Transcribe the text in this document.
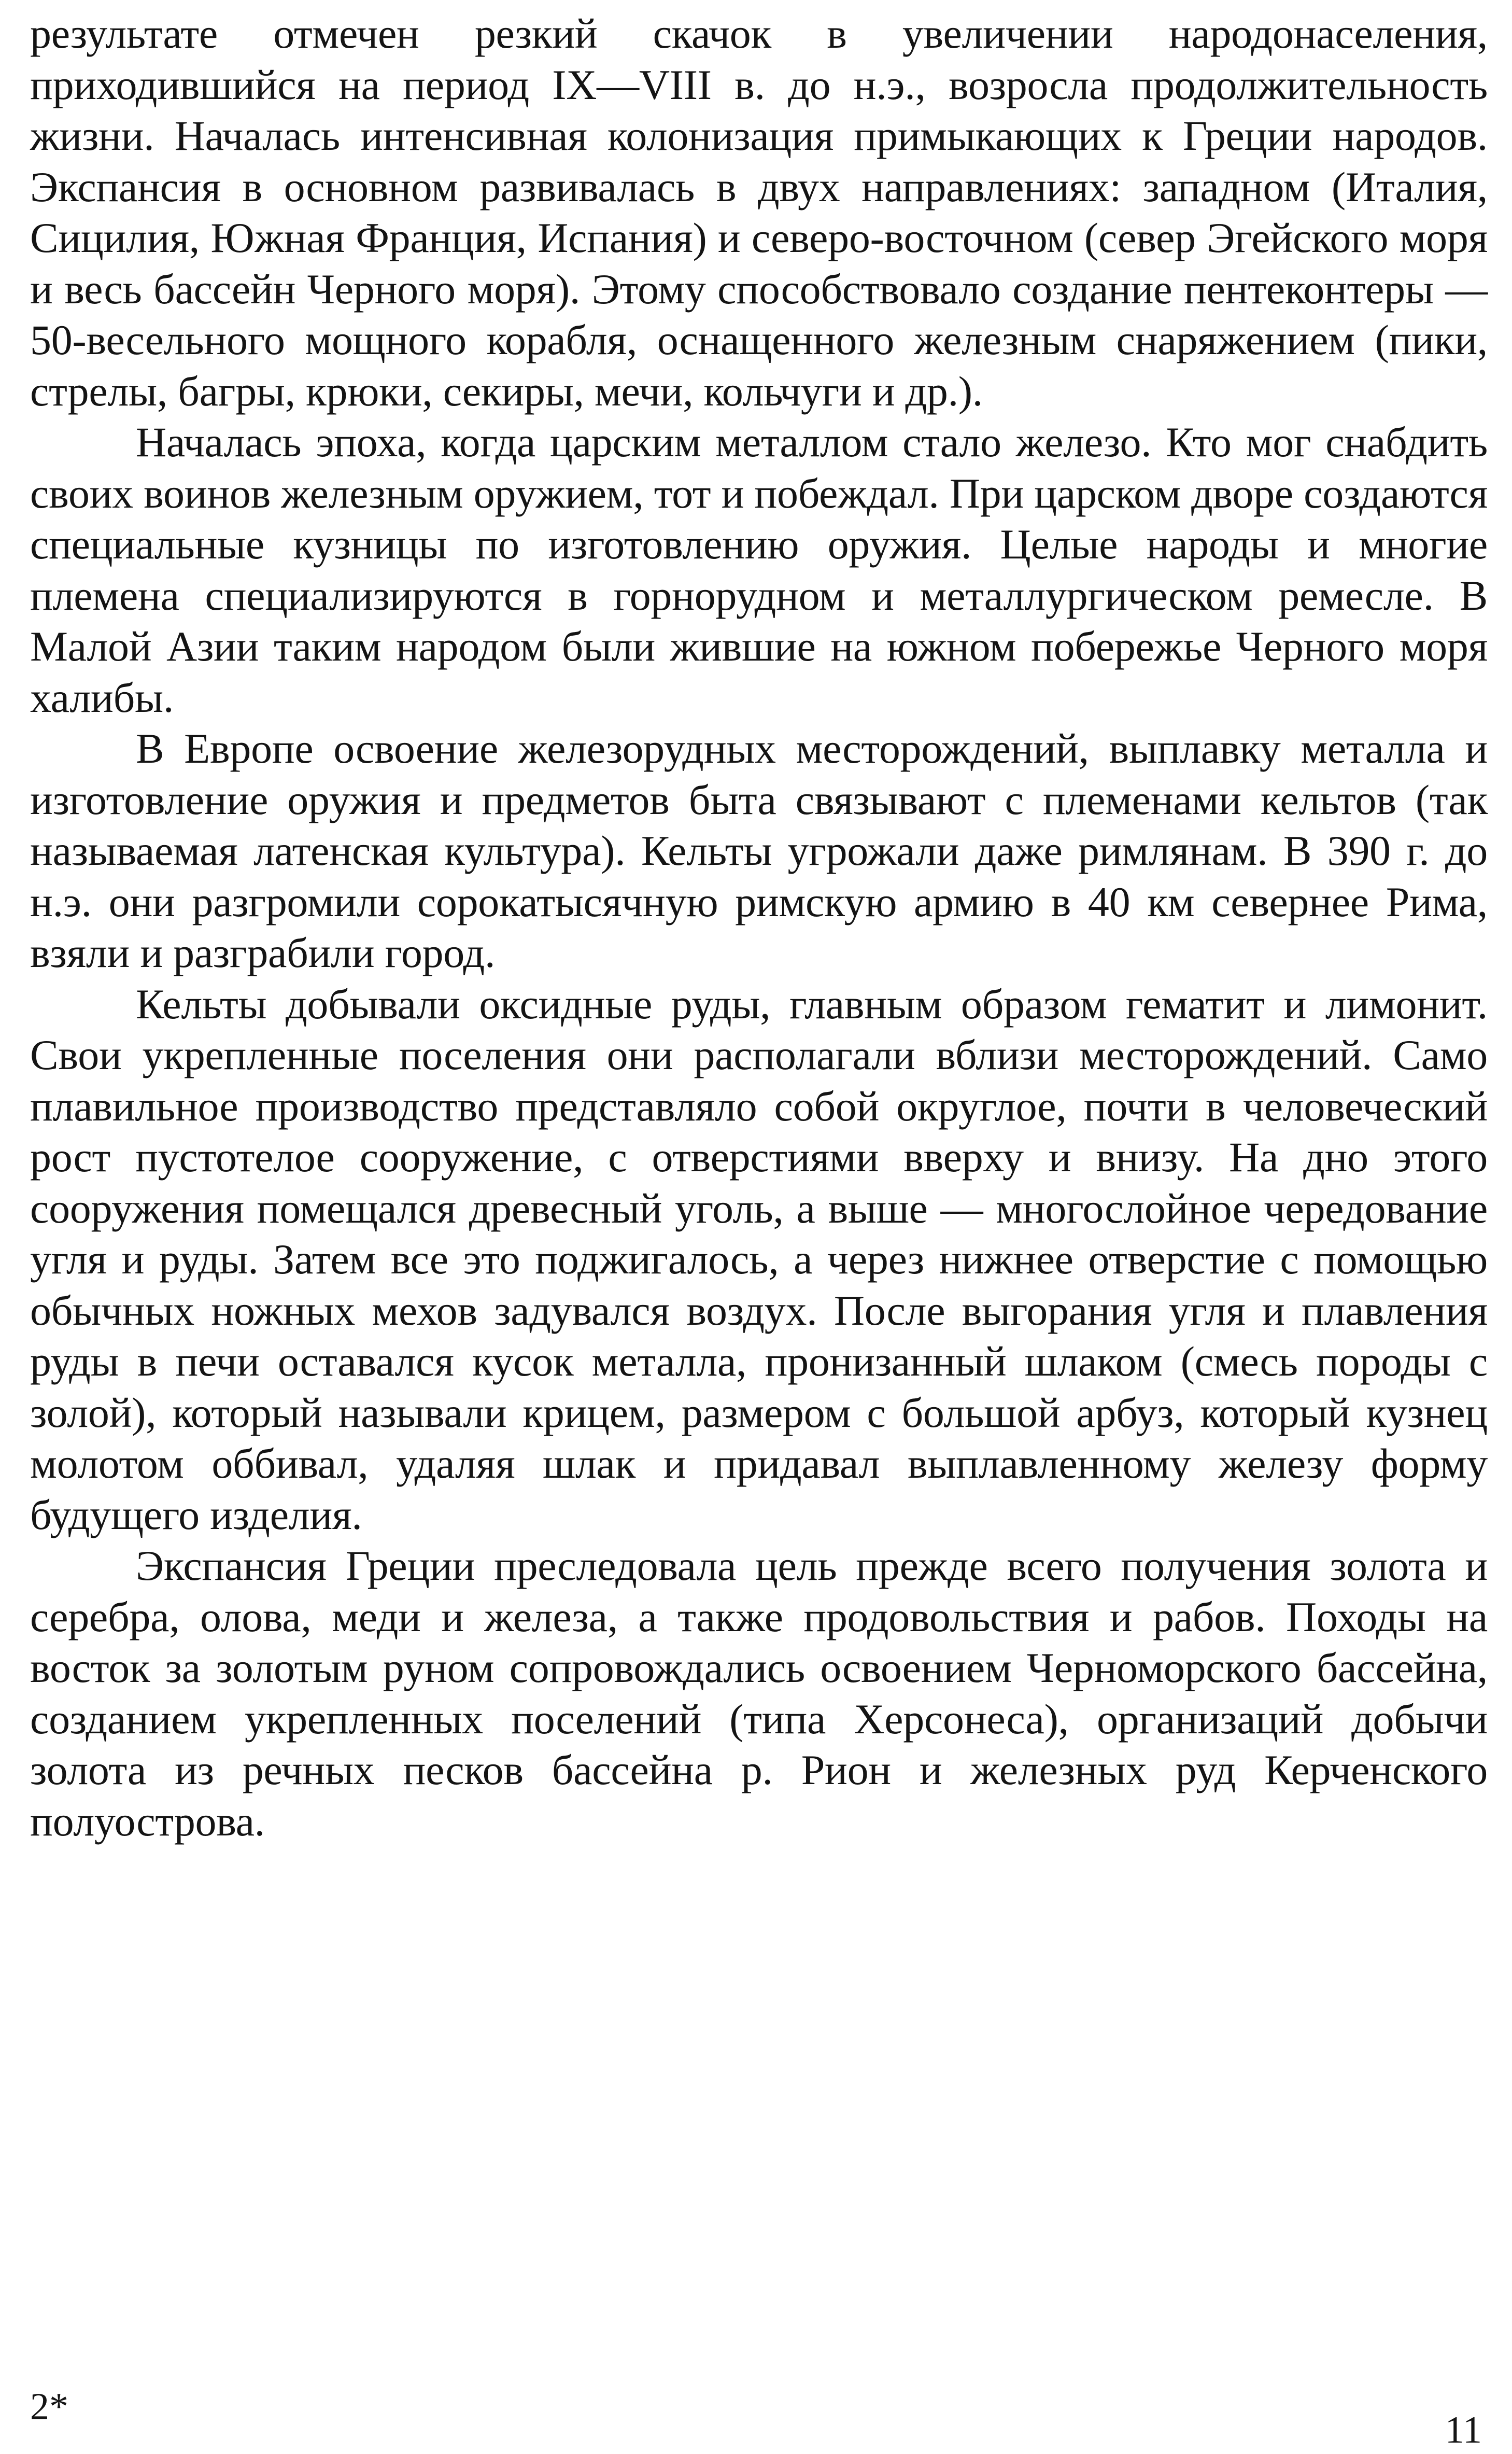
результате отмечен резкий скачок в увеличении народонаселения, приходившийся на период IX—VIII в. до н.э., возросла продолжительность жизни. Началась интенсивная колонизация примыкающих к Греции народов. Экспансия в основном развивалась в двух направлениях: западном (Италия, Сицилия, Южная Франция, Испания) и северо-восточном (север Эгейского моря и весь бассейн Черного моря). Этому способствовало создание пентеконтеры — 50-весельного мощного корабля, оснащенного железным снаряжением (пики, стрелы, багры, крюки, секиры, мечи, кольчуги и др.).

Началась эпоха, когда царским металлом стало железо. Кто мог снабдить своих воинов железным оружием, тот и побеждал. При царском дворе создаются специальные кузницы по изготовлению оружия. Целые народы и многие племена специализируются в горнорудном и металлургическом ремесле. В Малой Азии таким народом были жившие на южном побережье Черного моря халибы.

В Европе освоение железорудных месторождений, выплавку металла и изготовление оружия и предметов быта связывают с племенами кельтов (так называемая латенская культура). Кельты угрожали даже римлянам. В 390 г. до н.э. они разгромили сорокатысячную римскую армию в 40 км севернее Рима, взяли и разграбили город.

Кельты добывали оксидные руды, главным образом гематит и лимонит. Свои укрепленные поселения они располагали вблизи месторождений. Само плавильное производство представляло собой округлое, почти в человеческий рост пустотелое сооружение, с отверстиями вверху и внизу. На дно этого сооружения помещался древесный уголь, а выше — многослойное чередование угля и руды. Затем все это поджигалось, а через нижнее отверстие с помощью обычных ножных мехов задувался воздух. После выгорания угля и плавления руды в печи оставался кусок металла, пронизанный шлаком (смесь породы с золой), который называли крицем, размером с большой арбуз, который кузнец молотом оббивал, удаляя шлак и придавал выплавленному железу форму будущего изделия.

Экспансия Греции преследовала цель прежде всего получения золота и серебра, олова, меди и железа, а также продовольствия и рабов. Походы на восток за золотым руном сопровождались освоением Черноморского бассейна, созданием укрепленных поселений (типа Херсонеса), организаций добычи золота из речных песков бассейна р. Рион и железных руд Керченского полуострова.

2*
11
